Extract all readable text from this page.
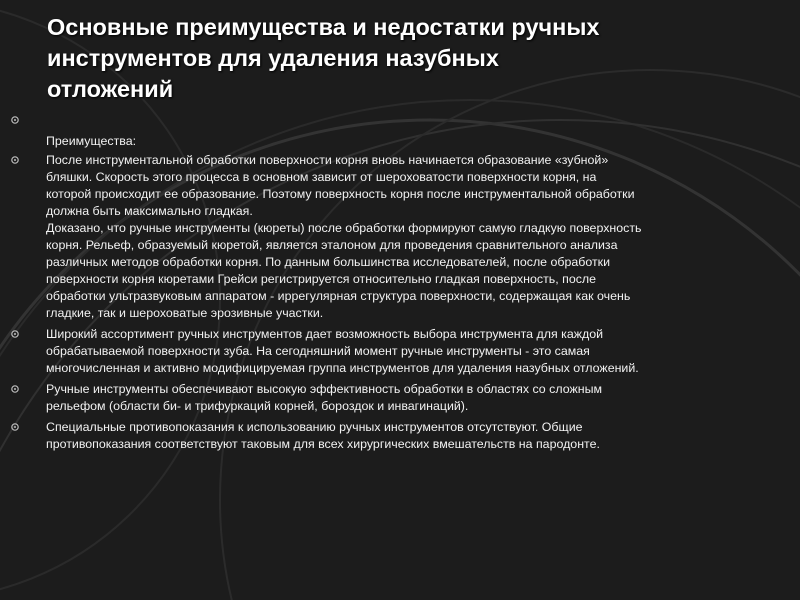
Основные преимущества и недостатки ручных
инструментов для удаления назубных
отложений
Преимущества:
После инструментальной обработки поверхности корня вновь начинается образование «зубной»
бляшки. Скорость этого процесса в основном зависит от шероховатости поверхности корня, на
которой происходит ее образование. Поэтому поверхность корня после инструментальной обработки
должна быть максимально гладкая.
Доказано, что ручные инструменты (кюреты) после обработки формируют самую гладкую поверхность
корня. Рельеф, образуемый кюретой, является эталоном для проведения сравнительного анализа
различных методов обработки корня. По данным большинства исследователей, после обработки
поверхности корня кюретами Грейси регистрируется относительно гладкая поверхность, после
обработки ультразвуковым аппаратом - иррегулярная структура поверхности, содержащая как очень
гладкие, так и шероховатые эрозивные участки.
Широкий ассортимент ручных инструментов дает возможность выбора инструмента для каждой
обрабатываемой поверхности зуба. На сегодняшний момент ручные инструменты - это самая
многочисленная и активно модифицируемая группа инструментов для удаления назубных отложений.
Ручные инструменты обеспечивают высокую эффективность обработки в областях со сложным
рельефом (области би- и трифуркаций корней, бороздок и инвагинаций).
Специальные противопоказания к использованию ручных инструментов отсутствуют. Общие
противопоказания соответствуют таковым для всех хирургических вмешательств на пародонте.
